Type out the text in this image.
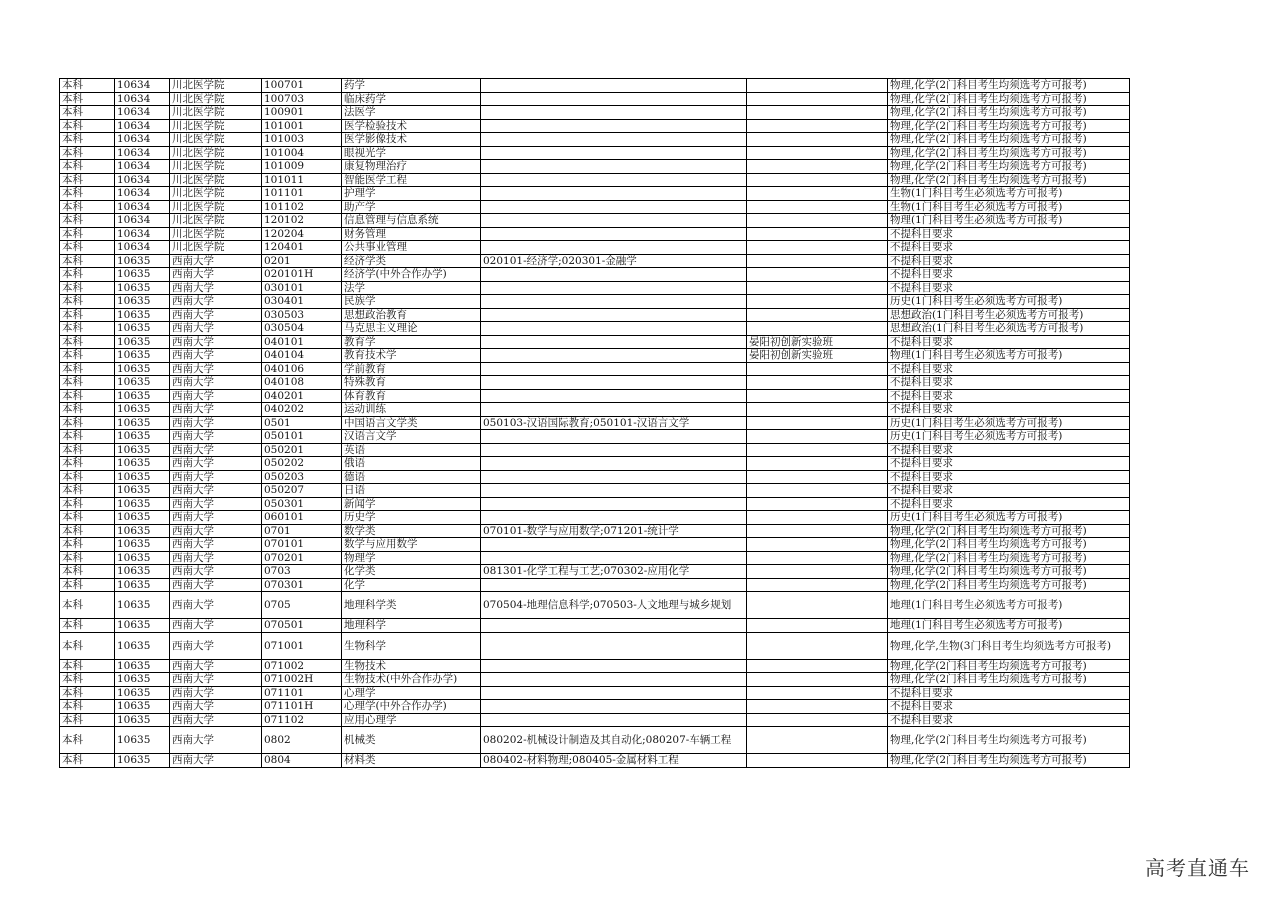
本科	10634	川北医学院	100701	药学			物理,化学(2门科目考生均须选考方可报考)
本科	10634	川北医学院	100703	临床药学			物理,化学(2门科目考生均须选考方可报考)
本科	10634	川北医学院	100901	法医学			物理,化学(2门科目考生均须选考方可报考)
本科	10634	川北医学院	101001	医学检验技术			物理,化学(2门科目考生均须选考方可报考)
本科	10634	川北医学院	101003	医学影像技术			物理,化学(2门科目考生均须选考方可报考)
本科	10634	川北医学院	101004	眼视光学			物理,化学(2门科目考生均须选考方可报考)
本科	10634	川北医学院	101009	康复物理治疗			物理,化学(2门科目考生均须选考方可报考)
本科	10634	川北医学院	101011	智能医学工程			物理,化学(2门科目考生均须选考方可报考)
本科	10634	川北医学院	101101	护理学			生物(1门科目考生必须选考方可报考)
本科	10634	川北医学院	101102	助产学			生物(1门科目考生必须选考方可报考)
本科	10634	川北医学院	120102	信息管理与信息系统			物理(1门科目考生必须选考方可报考)
本科	10634	川北医学院	120204	财务管理			不提科目要求
本科	10634	川北医学院	120401	公共事业管理			不提科目要求
本科	10635	西南大学	0201	经济学类	020101-经济学;020301-金融学		不提科目要求
本科	10635	西南大学	020101H	经济学(中外合作办学)			不提科目要求
本科	10635	西南大学	030101	法学			不提科目要求
本科	10635	西南大学	030401	民族学			历史(1门科目考生必须选考方可报考)
本科	10635	西南大学	030503	思想政治教育			思想政治(1门科目考生必须选考方可报考)
本科	10635	西南大学	030504	马克思主义理论			思想政治(1门科目考生必须选考方可报考)
本科	10635	西南大学	040101	教育学		晏阳初创新实验班	不提科目要求
本科	10635	西南大学	040104	教育技术学		晏阳初创新实验班	物理(1门科目考生必须选考方可报考)
本科	10635	西南大学	040106	学前教育			不提科目要求
本科	10635	西南大学	040108	特殊教育			不提科目要求
本科	10635	西南大学	040201	体育教育			不提科目要求
本科	10635	西南大学	040202	运动训练			不提科目要求
本科	10635	西南大学	0501	中国语言文学类	050103-汉语国际教育;050101-汉语言文学		历史(1门科目考生必须选考方可报考)
本科	10635	西南大学	050101	汉语言文学			历史(1门科目考生必须选考方可报考)
本科	10635	西南大学	050201	英语			不提科目要求
本科	10635	西南大学	050202	俄语			不提科目要求
本科	10635	西南大学	050203	德语			不提科目要求
本科	10635	西南大学	050207	日语			不提科目要求
本科	10635	西南大学	050301	新闻学			不提科目要求
本科	10635	西南大学	060101	历史学			历史(1门科目考生必须选考方可报考)
本科	10635	西南大学	0701	数学类	070101-数学与应用数学;071201-统计学		物理,化学(2门科目考生均须选考方可报考)
本科	10635	西南大学	070101	数学与应用数学			物理,化学(2门科目考生均须选考方可报考)
本科	10635	西南大学	070201	物理学			物理,化学(2门科目考生均须选考方可报考)
本科	10635	西南大学	0703	化学类	081301-化学工程与工艺;070302-应用化学		物理,化学(2门科目考生均须选考方可报考)
本科	10635	西南大学	070301	化学			物理,化学(2门科目考生均须选考方可报考)
本科	10635	西南大学	0705	地理科学类	070504-地理信息科学;070503-人文地理与城乡规划		地理(1门科目考生必须选考方可报考)
本科	10635	西南大学	070501	地理科学			地理(1门科目考生必须选考方可报考)
本科	10635	西南大学	071001	生物科学			物理,化学,生物(3门科目考生均须选考方可报考)
本科	10635	西南大学	071002	生物技术			物理,化学(2门科目考生均须选考方可报考)
本科	10635	西南大学	071002H	生物技术(中外合作办学)			物理,化学(2门科目考生均须选考方可报考)
本科	10635	西南大学	071101	心理学			不提科目要求
本科	10635	西南大学	071101H	心理学(中外合作办学)			不提科目要求
本科	10635	西南大学	071102	应用心理学			不提科目要求
本科	10635	西南大学	0802	机械类	080202-机械设计制造及其自动化;080207-车辆工程		物理,化学(2门科目考生均须选考方可报考)
本科	10635	西南大学	0804	材料类	080402-材料物理;080405-金属材料工程		物理,化学(2门科目考生均须选考方可报考)
高考直通车
